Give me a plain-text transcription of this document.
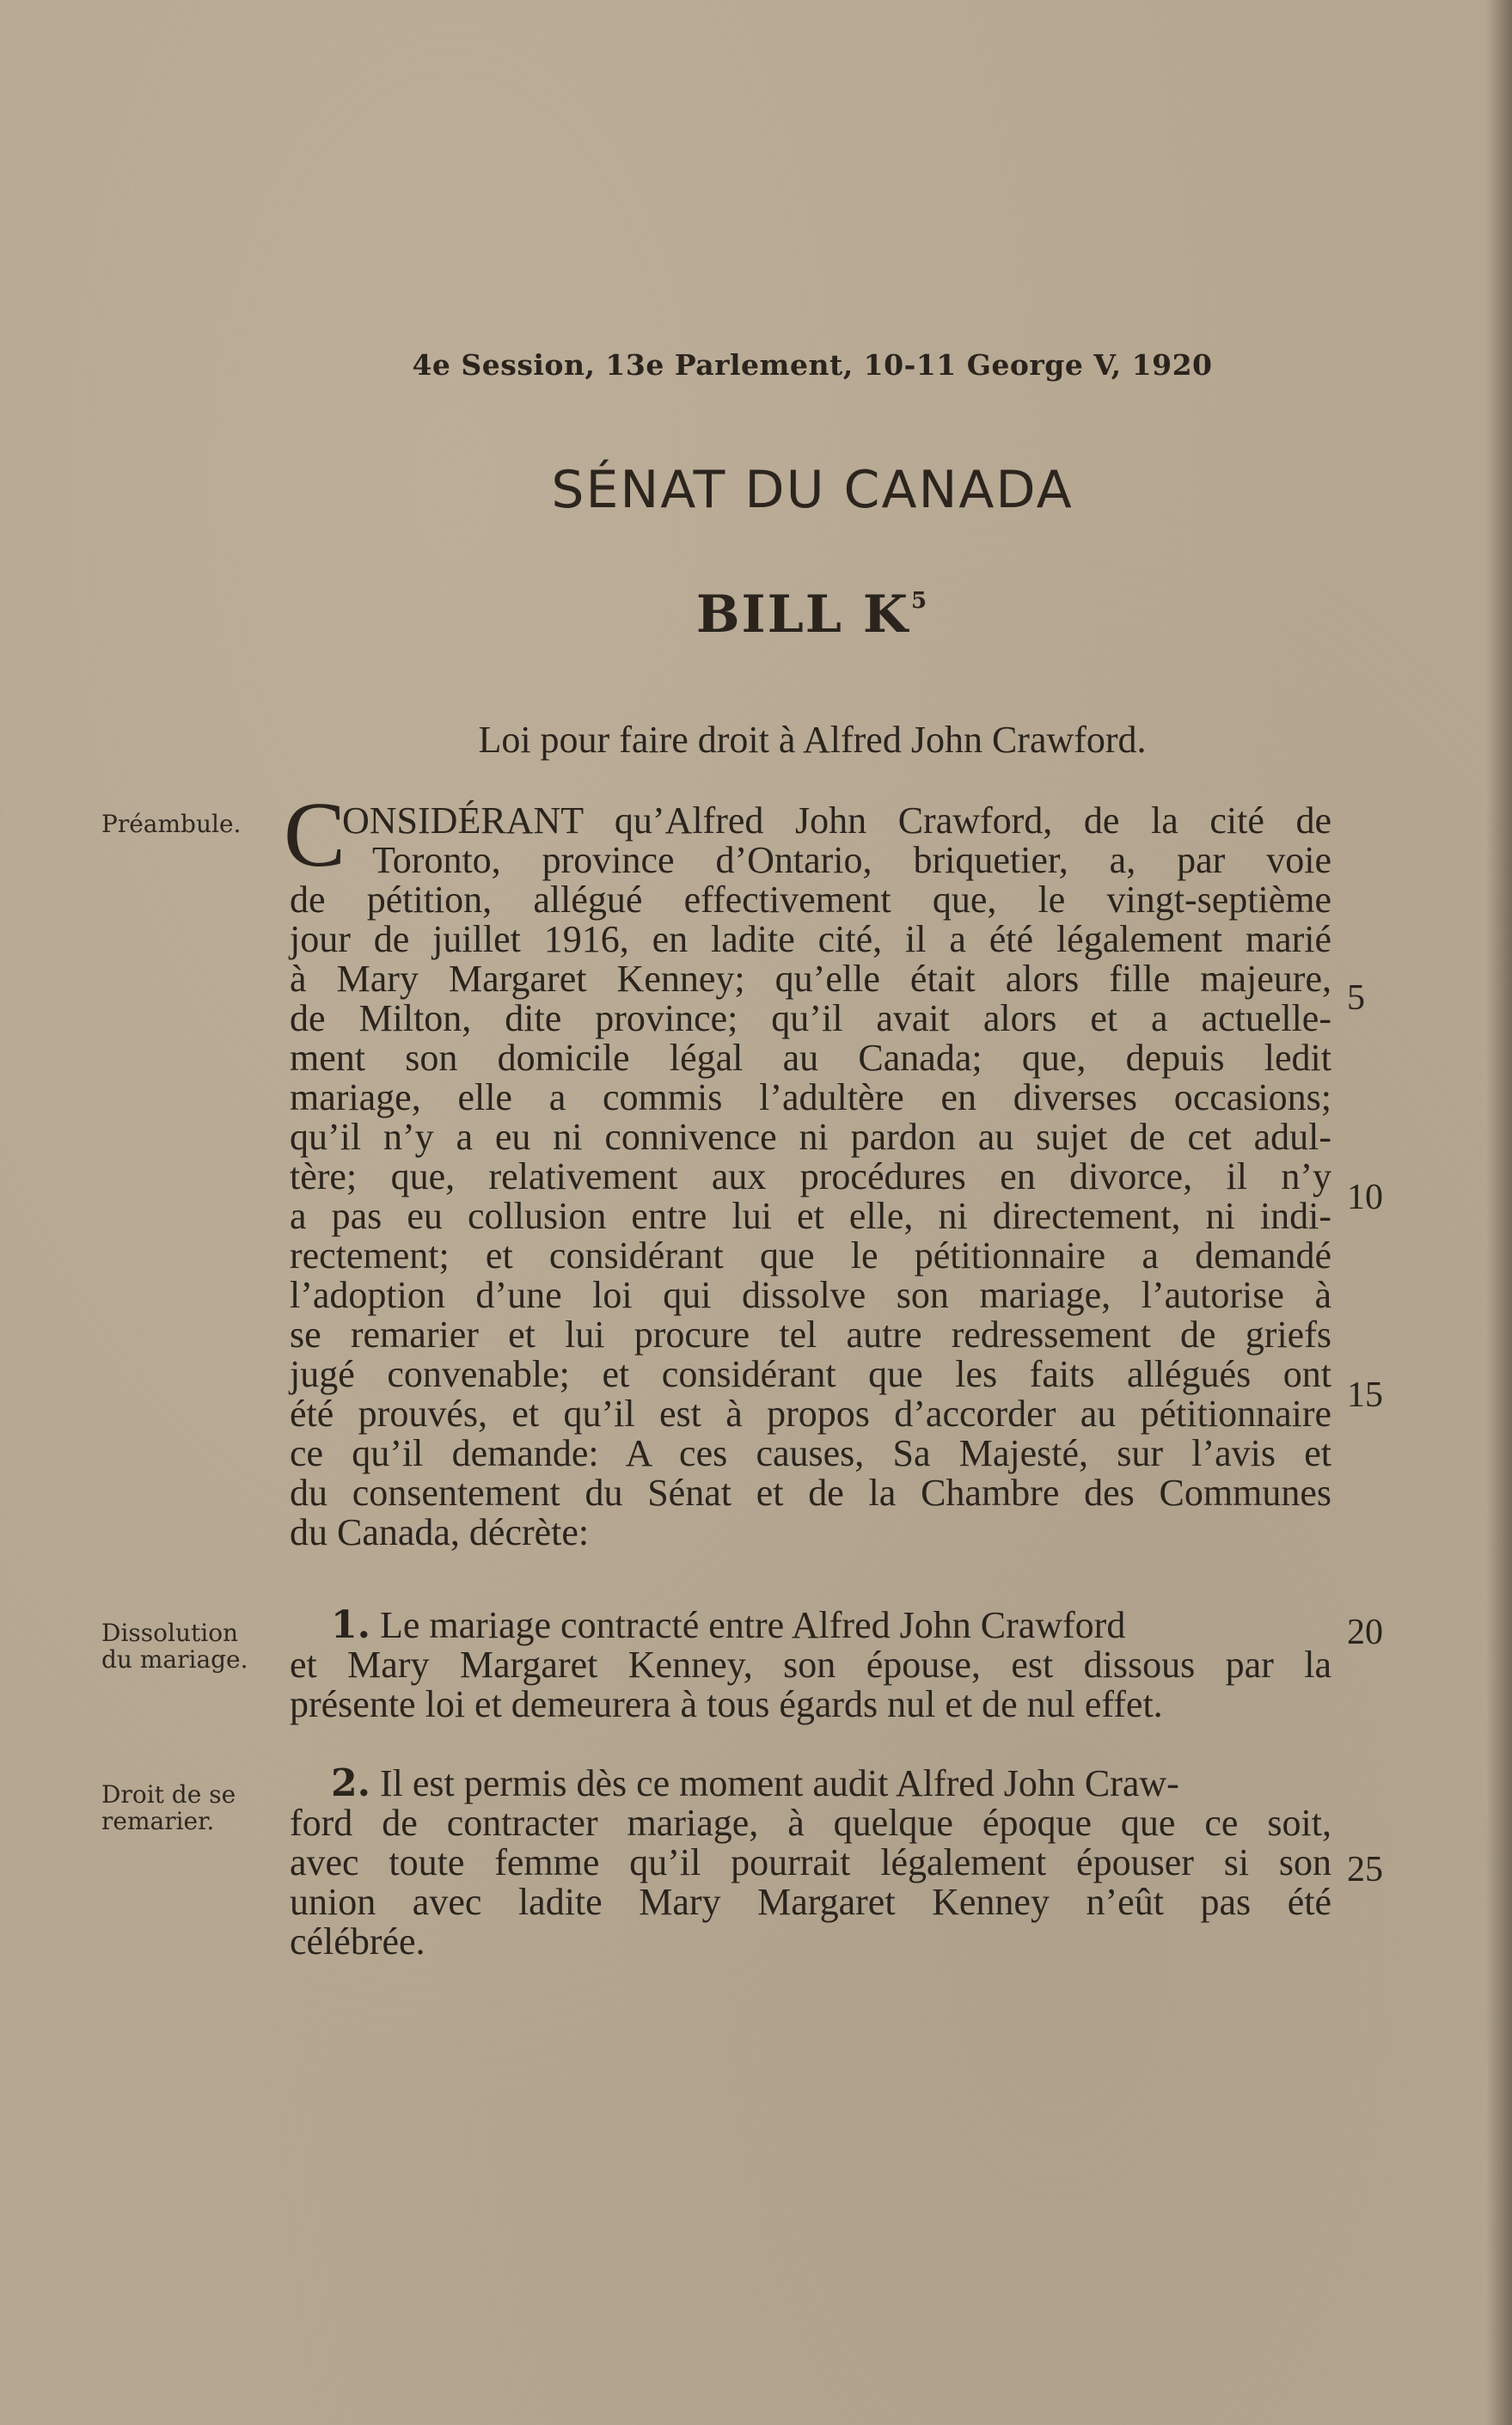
4e Session, 13e Parlement, 10-11 George V, 1920
SÉNAT DU CANADA
BILL $K^5$
Loi pour faire droit à Alfred John Crawford.
Préambule.
Dissolution
du mariage.
Droit de se
remarier.
C
ONSIDÉRANT qu’Alfred John Crawford, de la cité de
Toronto, province d’Ontario, briquetier, a, par voie
de pétition, allégué effectivement que, le vingt-septième
jour de juillet 1916, en ladite cité, il a été légalement marié
à Mary Margaret Kenney; qu’elle était alors fille majeure,
de Milton, dite province; qu’il avait alors et a actuelle-
ment son domicile légal au Canada; que, depuis ledit
mariage, elle a commis l’adultère en diverses occasions;
qu’il n’y a eu ni connivence ni pardon au sujet de cet adul-
tère; que, relativement aux procédures en divorce, il n’y
a pas eu collusion entre lui et elle, ni directement, ni indi-
rectement; et considérant que le pétitionnaire a demandé
l’adoption d’une loi qui dissolve son mariage, l’autorise à
se remarier et lui procure tel autre redressement de griefs
jugé convenable; et considérant que les faits allégués ont
été prouvés, et qu’il est à propos d’accorder au pétitionnaire
ce qu’il demande: A ces causes, Sa Majesté, sur l’avis et
du consentement du Sénat et de la Chambre des Communes
du Canada, décrète:
1. Le mariage contracté entre Alfred John Crawford
et Mary Margaret Kenney, son épouse, est dissous par la
présente loi et demeurera à tous égards nul et de nul effet.
2. Il est permis dès ce moment audit Alfred John Craw-
ford de contracter mariage, à quelque époque que ce soit,
avec toute femme qu’il pourrait légalement épouser si son
union avec ladite Mary Margaret Kenney n’eût pas été
célébrée.
5
10
15
20
25
